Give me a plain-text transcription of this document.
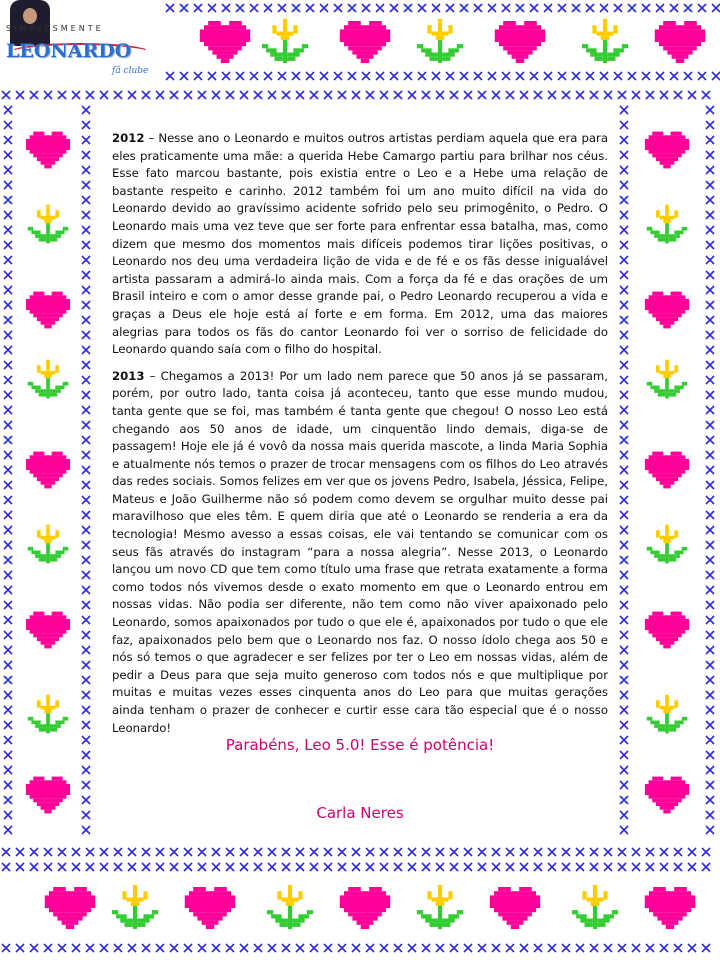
SIMPLESMENTE
LEONARDO
fã clube

2012 – Nesse ano o Leonardo e muitos outros artistas perdiam aquela que era para eles praticamente uma mãe: a querida Hebe Camargo partiu para brilhar nos céus. Esse fato marcou bastante, pois existia entre o Leo e a Hebe uma relação de bastante respeito e carinho. 2012 também foi um ano muito difícil na vida do Leonardo devido ao gravíssimo acidente sofrido pelo seu primogênito, o Pedro. O Leonardo mais uma vez teve que ser forte para enfrentar essa batalha, mas, como dizem que mesmo dos momentos mais difíceis podemos tirar lições positivas, o Leonardo nos deu uma verdadeira lição de vida e de fé e os fãs desse inigualável artista passaram a admirá-lo ainda mais. Com a força da fé e das orações de um Brasil inteiro e com o amor desse grande pai, o Pedro Leonardo recuperou a vida e graças a Deus ele hoje está aí forte e em forma. Em 2012, uma das maiores alegrias para todos os fãs do cantor Leonardo foi ver o sorriso de felicidade do Leonardo quando saía com o filho do hospital.

2013 – Chegamos a 2013! Por um lado nem parece que 50 anos já se passaram, porém, por outro lado, tanta coisa já aconteceu, tanto que esse mundo mudou, tanta gente que se foi, mas também é tanta gente que chegou! O nosso Leo está chegando aos 50 anos de idade, um cinquentão lindo demais, diga-se de passagem! Hoje ele já é vovô da nossa mais querida mascote, a linda Maria Sophia e atualmente nós temos o prazer de trocar mensagens com os filhos do Leo através das redes sociais. Somos felizes em ver que os jovens Pedro, Isabela, Jéssica, Felipe, Mateus e João Guilherme não só podem como devem se orgulhar muito desse pai maravilhoso que eles têm. E quem diria que até o Leonardo se renderia a era da tecnologia! Mesmo avesso a essas coisas, ele vai tentando se comunicar com os seus fãs através do instagram “para a nossa alegria”. Nesse 2013, o Leonardo lançou um novo CD que tem como título uma frase que retrata exatamente a forma como todos nós vivemos desde o exato momento em que o Leonardo entrou em nossas vidas. Não podia ser diferente, não tem como não viver apaixonado pelo Leonardo, somos apaixonados por tudo o que ele é, apaixonados por tudo o que ele faz, apaixonados pelo bem que o Leonardo nos faz. O nosso ídolo chega aos 50 e nós só temos o que agradecer e ser felizes por ter o Leo em nossas vidas, além de pedir a Deus para que seja muito generoso com todos nós e que multiplique por muitas e muitas vezes esses cinquenta anos do Leo para que muitas gerações ainda tenham o prazer de conhecer e curtir esse cara tão especial que é o nosso Leonardo!

Parabéns, Leo 5.0! Esse é potência!
Carla Neres
